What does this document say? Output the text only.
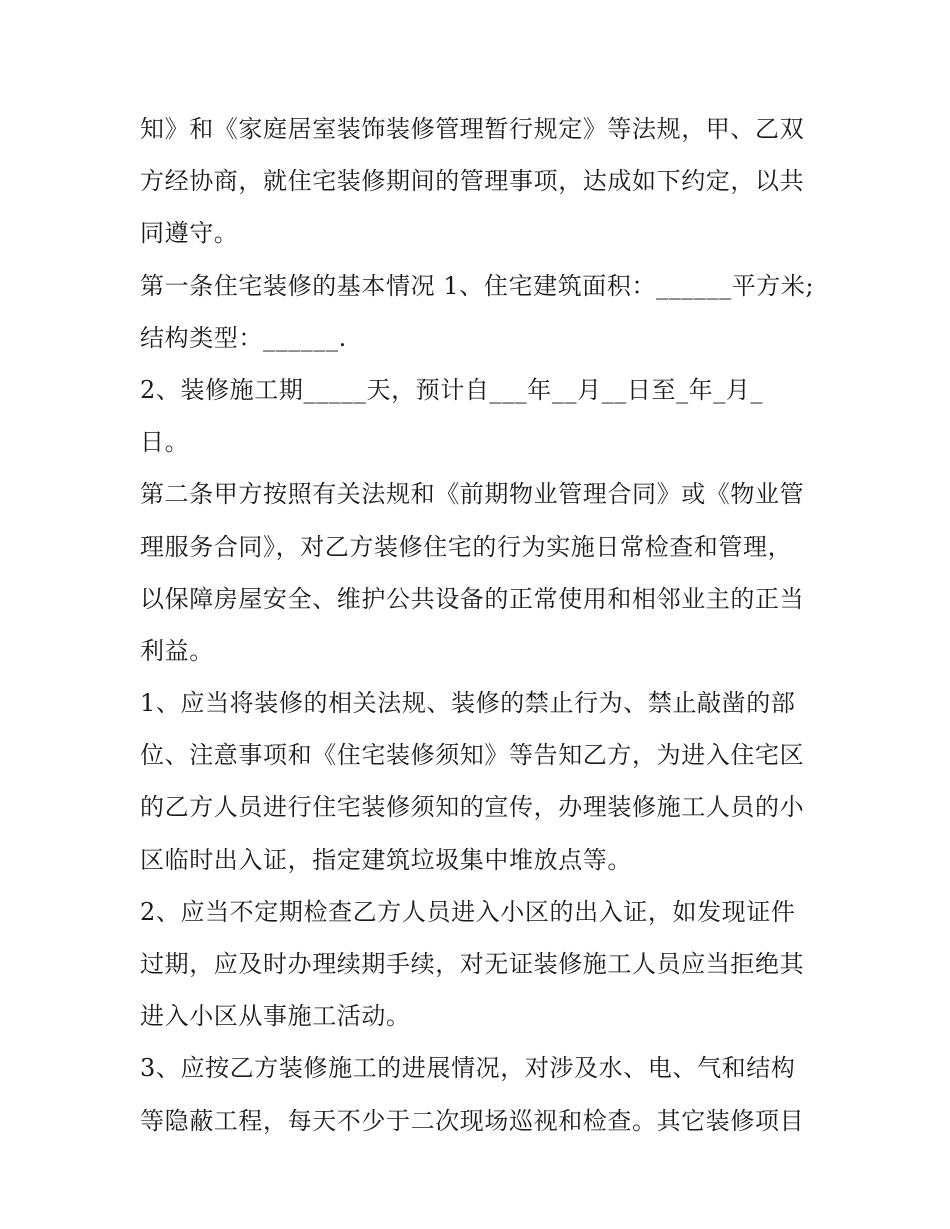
知》和《家庭居室装饰装修管理暂行规定》等法规，甲、乙双
方经协商，就住宅装修期间的管理事项，达成如下约定，以共
同遵守。
第一条住宅装修的基本情况 1、住宅建筑面积：______平方米;
结构类型：______.
2、装修施工期_____天，预计自___年__月__日至_年_月_
日。
第二条甲方按照有关法规和《前期物业管理合同》或《物业管
理服务合同》，对乙方装修住宅的行为实施日常检查和管理，
以保障房屋安全、维护公共设备的正常使用和相邻业主的正当
利益。
1、应当将装修的相关法规、装修的禁止行为、禁止敲凿的部
位、注意事项和《住宅装修须知》等告知乙方，为进入住宅区
的乙方人员进行住宅装修须知的宣传，办理装修施工人员的小
区临时出入证，指定建筑垃圾集中堆放点等。
2、应当不定期检查乙方人员进入小区的出入证，如发现证件
过期，应及时办理续期手续，对无证装修施工人员应当拒绝其
进入小区从事施工活动。
3、应按乙方装修施工的进展情况，对涉及水、电、气和结构
等隐蔽工程，每天不少于二次现场巡视和检查。其它装修项目
